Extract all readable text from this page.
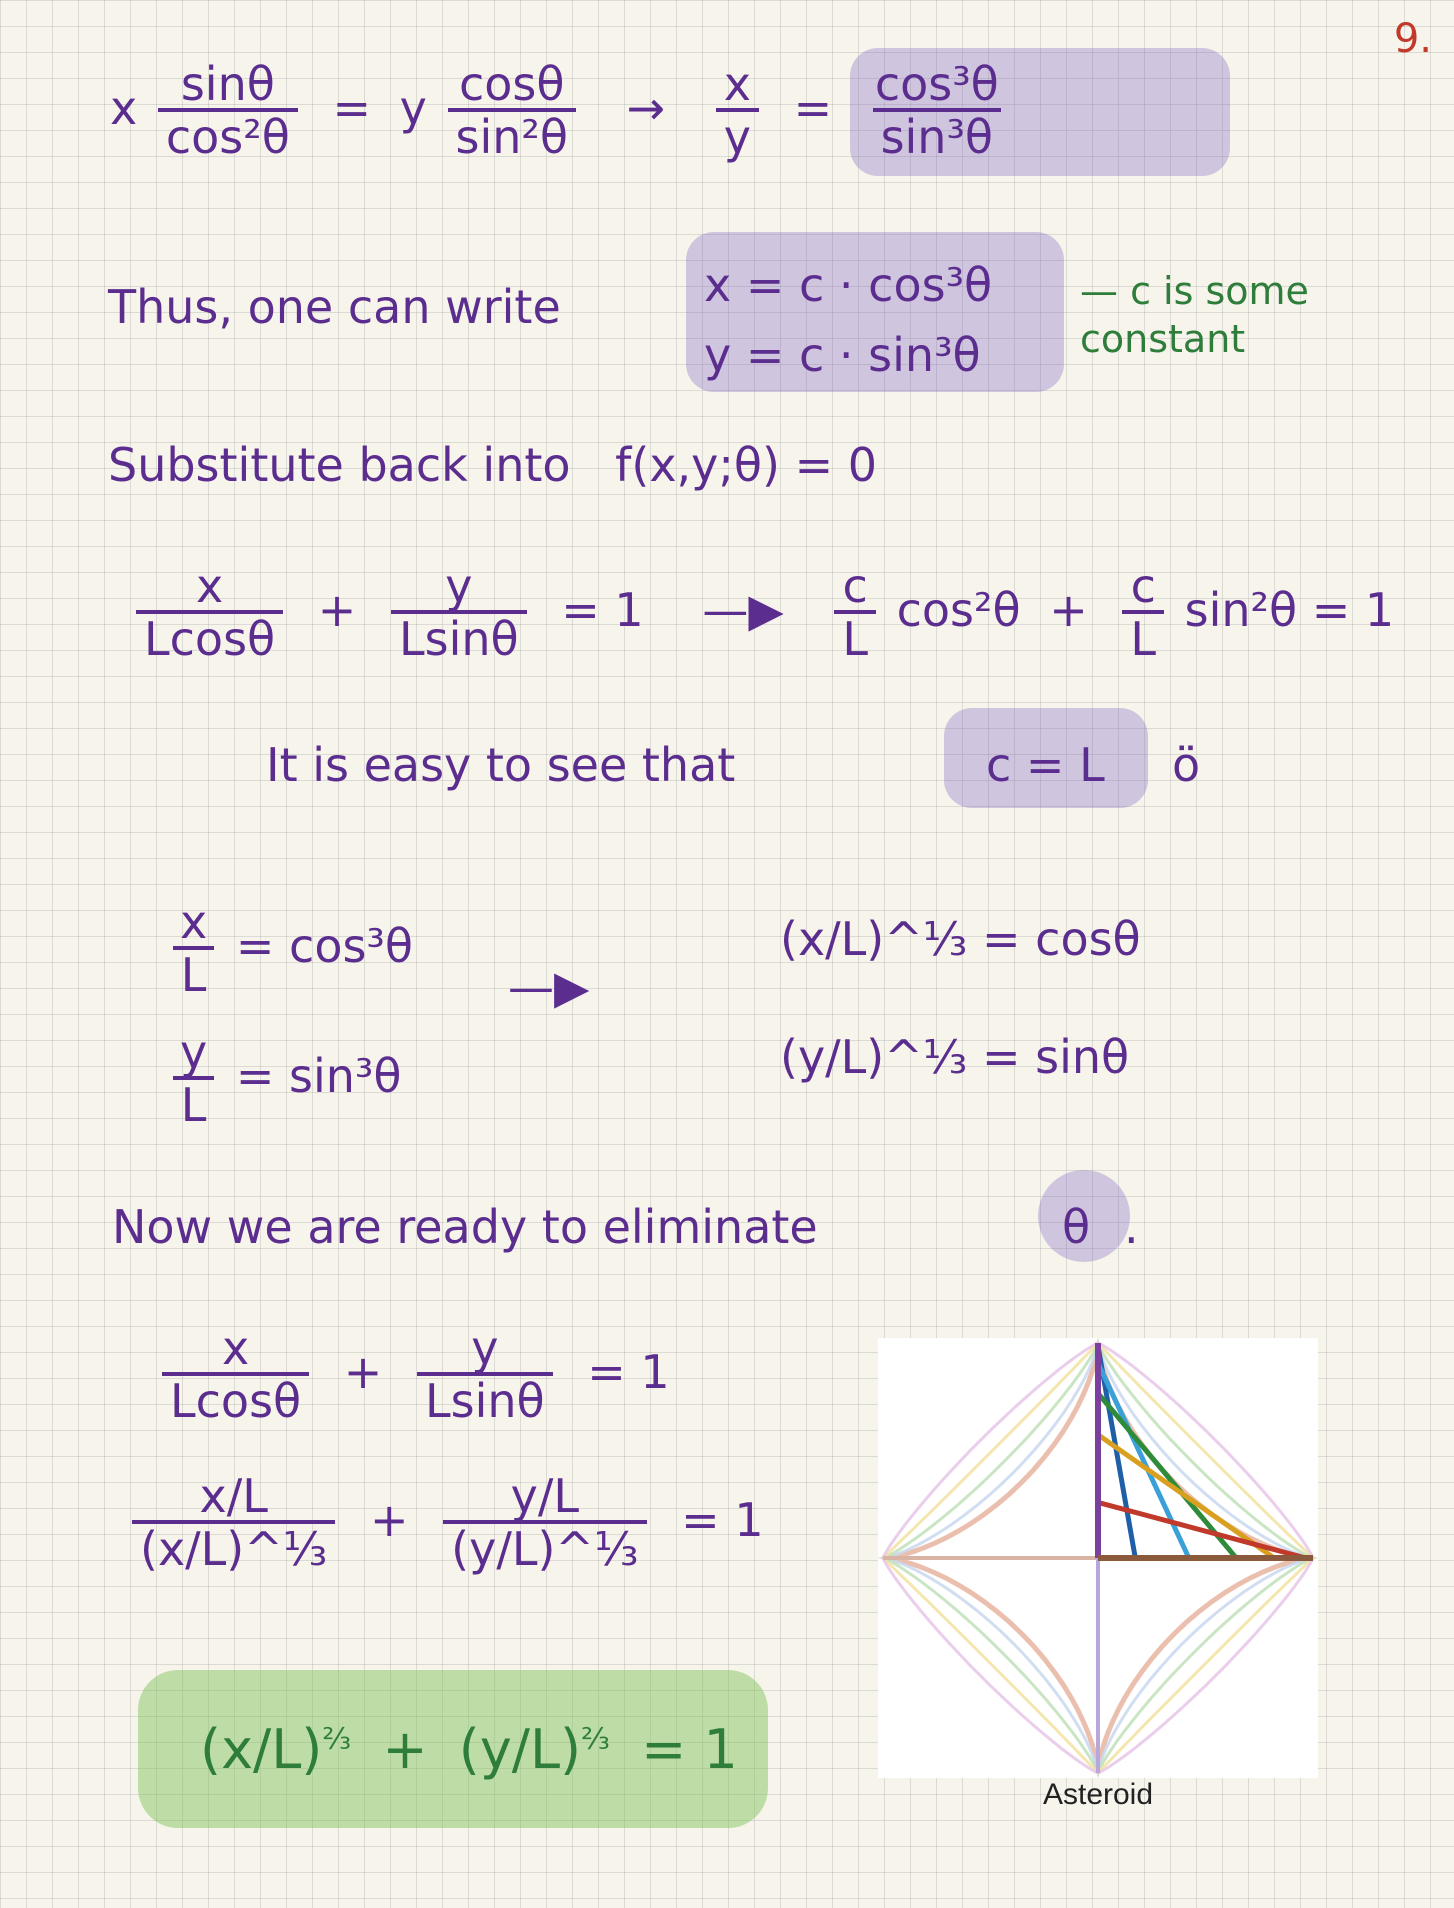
9.
x $\frac{\sin\theta}{\text{cos²θ}} = y \frac{\cos\theta}{\text{sin²θ}} \to \frac{x}{y} = \frac{\text{cos³θ}}{\text{sin³θ}}$
Thus, one can write	x = c · cos³θ
y = c · sin³θ
— c is some constant
Substitute back into f(x,y;θ) = 0
$\frac{x}{Lcos\theta} + \frac{y}{Lsin\theta} = 1$ —▶ $\frac{c}{L} \cos^2\theta + \frac{c}{L} \sin^2\theta = 1$
It is easy to see that	c = L ö
$\frac{x}{L} = \cos^3\theta$
$\frac{y}{L} = \sin^3\theta$
—▶
(x/L)^⅓ = cosθ
(y/L)^⅓ = sinθ
Now we are ready to eliminate	θ .
$\frac{x}{Lcos\theta} + \frac{y}{Lsin\theta} = 1$
$\frac{x/L}{\text{(x/L)\textasciicircum{}⅓}} + \frac{y/L}{\text{(y/L)\textasciicircum{}⅓}} = 1$
$(x/L)^{\frac{2}{3}} + (y/L)^{\frac{2}{3}} = 1$
Asteroid
